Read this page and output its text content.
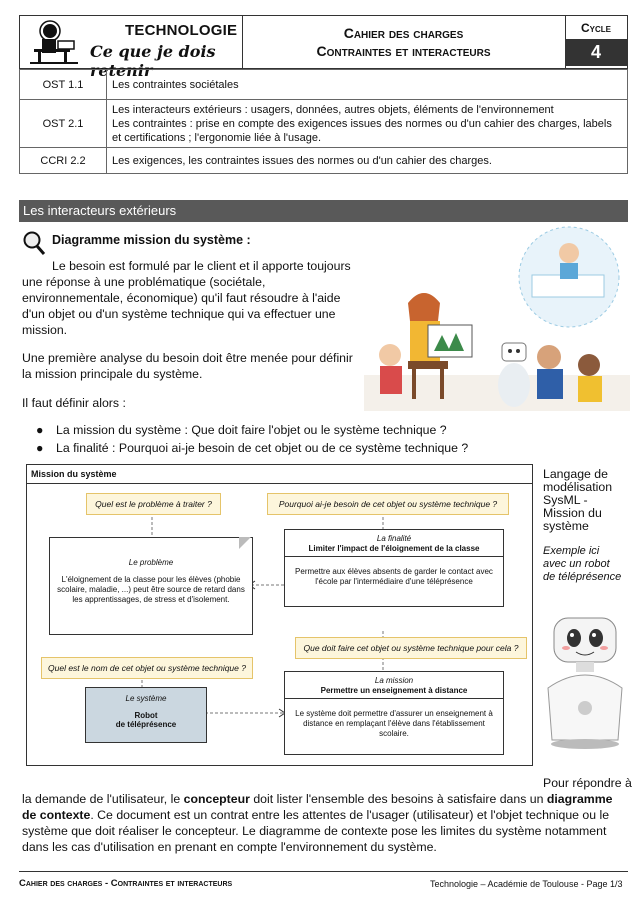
TECHNOLOGIE
Ce que je dois retenir
Cahier des charges
Contraintes et interacteurs
Cycle
4
OST 1.1	Les contraintes sociétales
OST 2.1	Les interacteurs extérieurs : usagers, données, autres objets, éléments de l'environnement
Les contraintes : prise en compte des exigences issues des normes ou d'un cahier des charges, labels et certifications ; l'ergonomie liée à l'usage.

CCRI 2.2	Les exigences, les contraintes issues des normes ou d'un cahier des charges.
Les interacteurs extérieurs
Diagramme mission du système :
Le besoin est formulé par le client et il apporte toujours une réponse à une problématique (sociétale, environnementale, économique) qu'il faut résoudre à l'aide d'un objet ou d'un système technique qui va effectuer une mission.
Une première analyse du besoin doit être menée pour définir la mission principale du système.
Il faut définir alors :
● La mission du système : Que doit faire l'objet ou le système technique ?
● La finalité : Pourquoi ai-je besoin de cet objet ou de ce système technique ?
Mission du système
Quel est le problème à traiter ?	Pourquoi ai-je besoin de cet objet ou système technique ?
Le problème
L'éloignement de la classe pour les élèves (phobie scolaire, maladie, ...) peut être source de retard dans les apprentissages, de stress et d'isolement.
La finalité
Limiter l'impact de l'éloignement de la classe
Permettre aux élèves absents de garder le contact avec l'école par l'intermédiaire d'une téléprésence
Que doit faire cet objet ou système technique pour cela ?
Quel est le nom de cet objet ou système technique ?
Le système
Robot
de téléprésence
La mission
Permettre un enseignement à distance
Le système doit permettre d'assurer un enseignement à distance en remplaçant l'élève dans l'établissement scolaire.
Langage de
modélisation
SysML -
Mission du
système
Exemple ici
avec un robot
de téléprésence
Pour répondre à
la demande de l'utilisateur, le concepteur doit lister l'ensemble des besoins à satisfaire dans un diagramme de contexte. Ce document est un contrat entre les attentes de l'usager (utilisateur) et l'objet technique ou le système que doit réaliser le concepteur. Le diagramme de contexte pose les limites du système notamment dans les cas d'utilisation en prenant en compte l'environnement du système.
Cahier des charges - Contraintes et interacteurs	Technologie – Académie de Toulouse - Page 1/3
